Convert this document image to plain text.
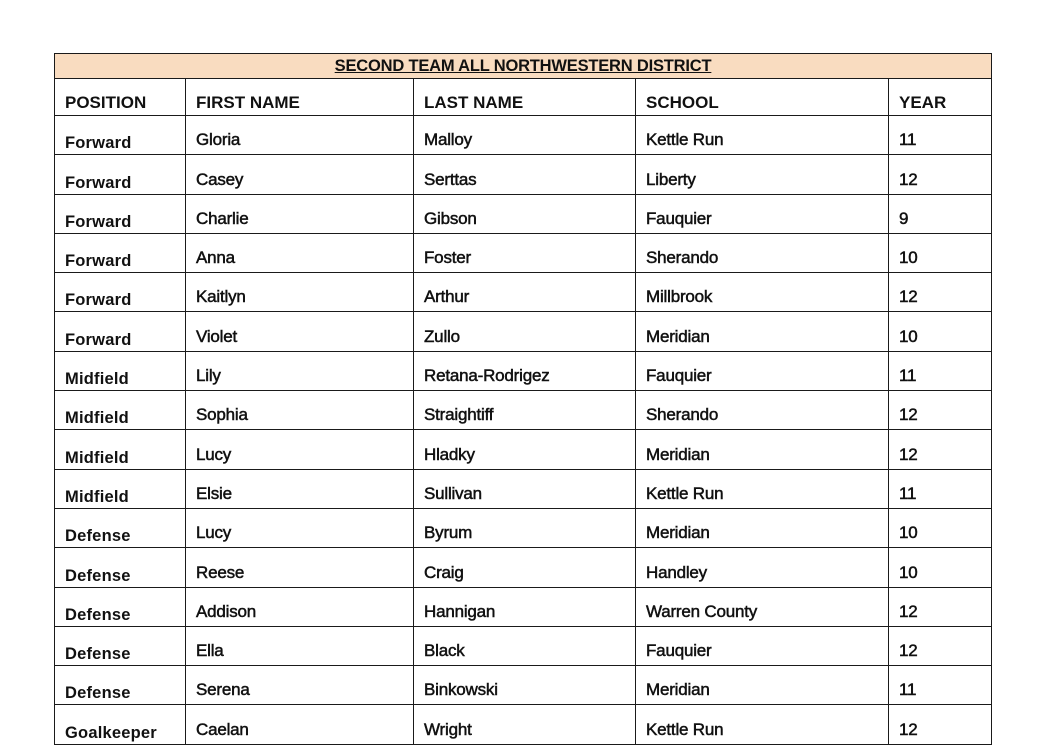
SECOND TEAM ALL NORTHWESTERN DISTRICT				
POSITION	FIRST NAME	LAST NAME	SCHOOL	YEAR
Forward	Gloria	Malloy	Kettle Run	11
Forward	Casey	Serttas	Liberty	12
Forward	Charlie	Gibson	Fauquier	9
Forward	Anna	Foster	Sherando	10
Forward	Kaitlyn	Arthur	Millbrook	12
Forward	Violet	Zullo	Meridian	10
Midfield	Lily	Retana-Rodrigez	Fauquier	11
Midfield	Sophia	Straightiff	Sherando	12
Midfield	Lucy	Hladky	Meridian	12
Midfield	Elsie	Sullivan	Kettle Run	11
Defense	Lucy	Byrum	Meridian	10
Defense	Reese	Craig	Handley	10
Defense	Addison	Hannigan	Warren County	12
Defense	Ella	Black	Fauquier	12
Defense	Serena	Binkowski	Meridian	11
Goalkeeper	Caelan	Wright	Kettle Run	12
